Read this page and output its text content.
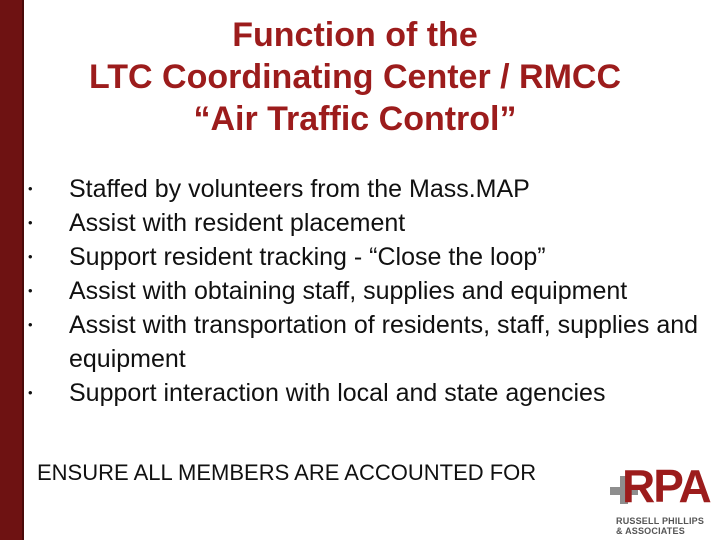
Function of the
LTC Coordinating Center / RMCC
“Air Traffic Control”
• Staffed by volunteers from the Mass.MAP
• Assist with resident placement
• Support resident tracking - “Close the loop”
• Assist with obtaining staff, supplies and equipment
• Assist with transportation of residents, staff, supplies and equipment
• Support interaction with local and state agencies
ENSURE ALL MEMBERS ARE ACCOUNTED FOR RPA
RUSSELL PHILLIPS
& ASSOCIATES
